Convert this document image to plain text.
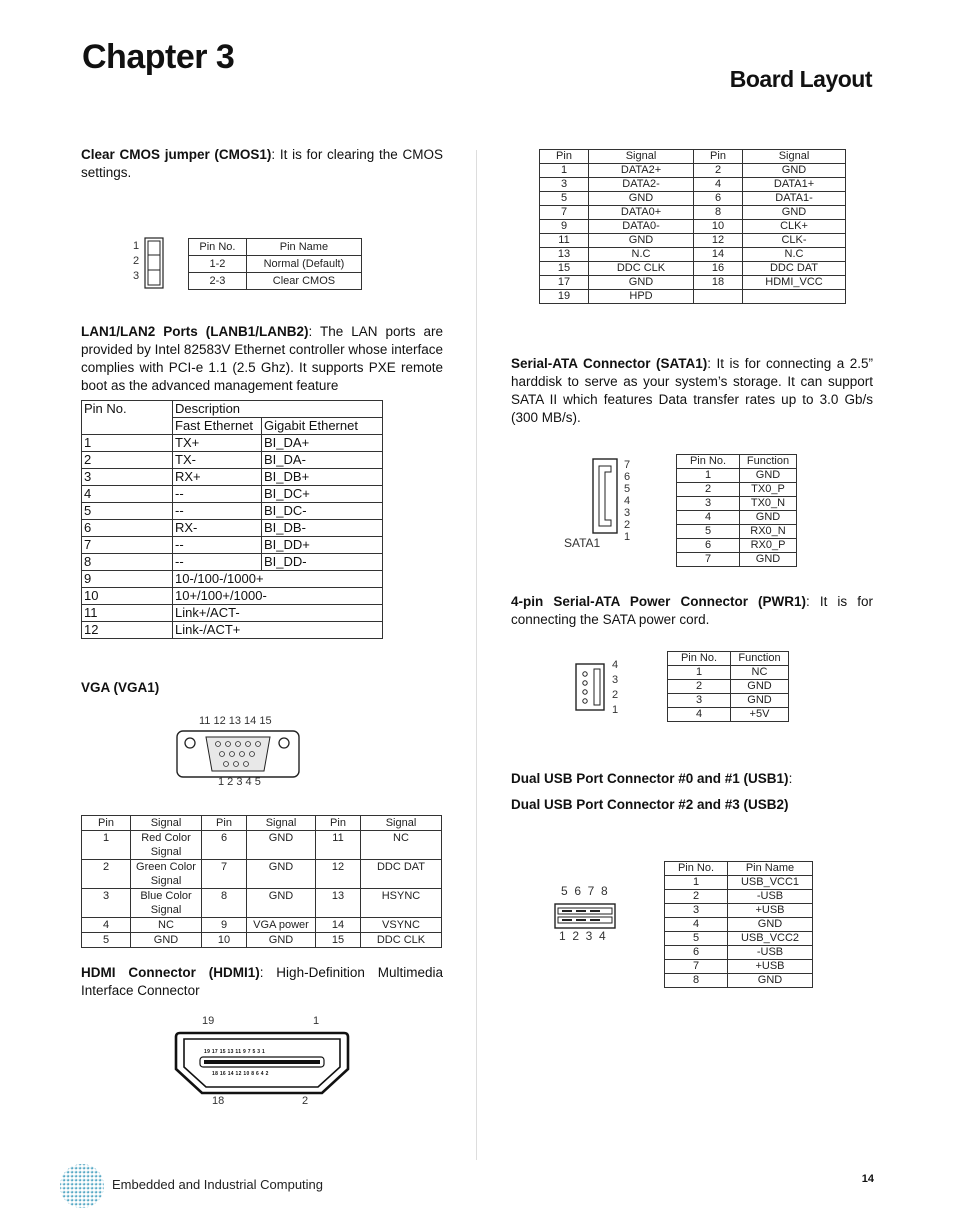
Chapter 3
Board Layout
Clear CMOS jumper (CMOS1): It is for clearing the CMOS settings.
1
2
3
Pin No.	Pin Name
1-2	Normal (Default)
2-3	Clear CMOS
LAN1/LAN2 Ports (LANB1/LANB2): The LAN ports are provided by Intel 82583V Ethernet controller whose interface complies with PCI-e 1.1 (2.5 Ghz). It supports PXE remote boot as the advanced management feature
Pin No.	Description	
	Fast Ethernet	Gigabit Ethernet
1	TX+	BI_DA+
2	TX-	BI_DA-
3	RX+	BI_DB+
4	--	BI_DC+
5	--	BI_DC-
6	RX-	BI_DB-
7	--	BI_DD+
8	--	BI_DD-
9	10-/100-/1000+	
10	10+/100+/1000-	
11	Link+/ACT-	
12	Link-/ACT+	
VGA (VGA1)
11 12 13 14 15
1 2 3 4 5
Pin	Signal	Pin	Signal	Pin	Signal
1	Red Color Signal	6	GND	11	NC
2	Green Color Signal	7	GND	12	DDC DAT
3	Blue Color Signal	8	GND	13	HSYNC
4	NC	9	VGA power	14	VSYNC
5	GND	10	GND	15	DDC CLK
HDMI Connector (HDMI1): High-Definition Multimedia Interface Connector
19	1
19 17 15 13 11 9 7 5 3 1
18 16 14 12 10 8 6 4 2
18	2
Pin	Signal	Pin	Signal
1	DATA2+	2	GND
3	DATA2-	4	DATA1+
5	GND	6	DATA1-
7	DATA0+	8	GND
9	DATA0-	10	CLK+
11	GND	12	CLK-
13	N.C	14	N.C
15	DDC CLK	16	DDC DAT
17	GND	18	HDMI_VCC
19	HPD		
Serial-ATA Connector (SATA1): It is for connecting a 2.5” harddisk to serve as your system’s storage. It can support SATA II which features Data transfer rates up to 3.0 Gb/s (300 MB/s).
7
6
5
4
3
2
1
SATA1
Pin No.	Function
1	GND
2	TX0_P
3	TX0_N
4	GND
5	RX0_N
6	RX0_P
7	GND
4-pin Serial-ATA Power Connector (PWR1): It is for connecting the SATA power cord.
4
3
2
1
Pin No.	Function
1	NC
2	GND
3	GND
4	+5V
Dual USB Port Connector #0 and #1 (USB1):
Dual USB Port Connector #2 and #3 (USB2)
5  6  7  8
1  2  3  4
Pin No.	Pin Name
1	USB_VCC1
2	-USB
3	+USB
4	GND
5	USB_VCC2
6	-USB
7	+USB
8	GND
Embedded and Industrial Computing	14
